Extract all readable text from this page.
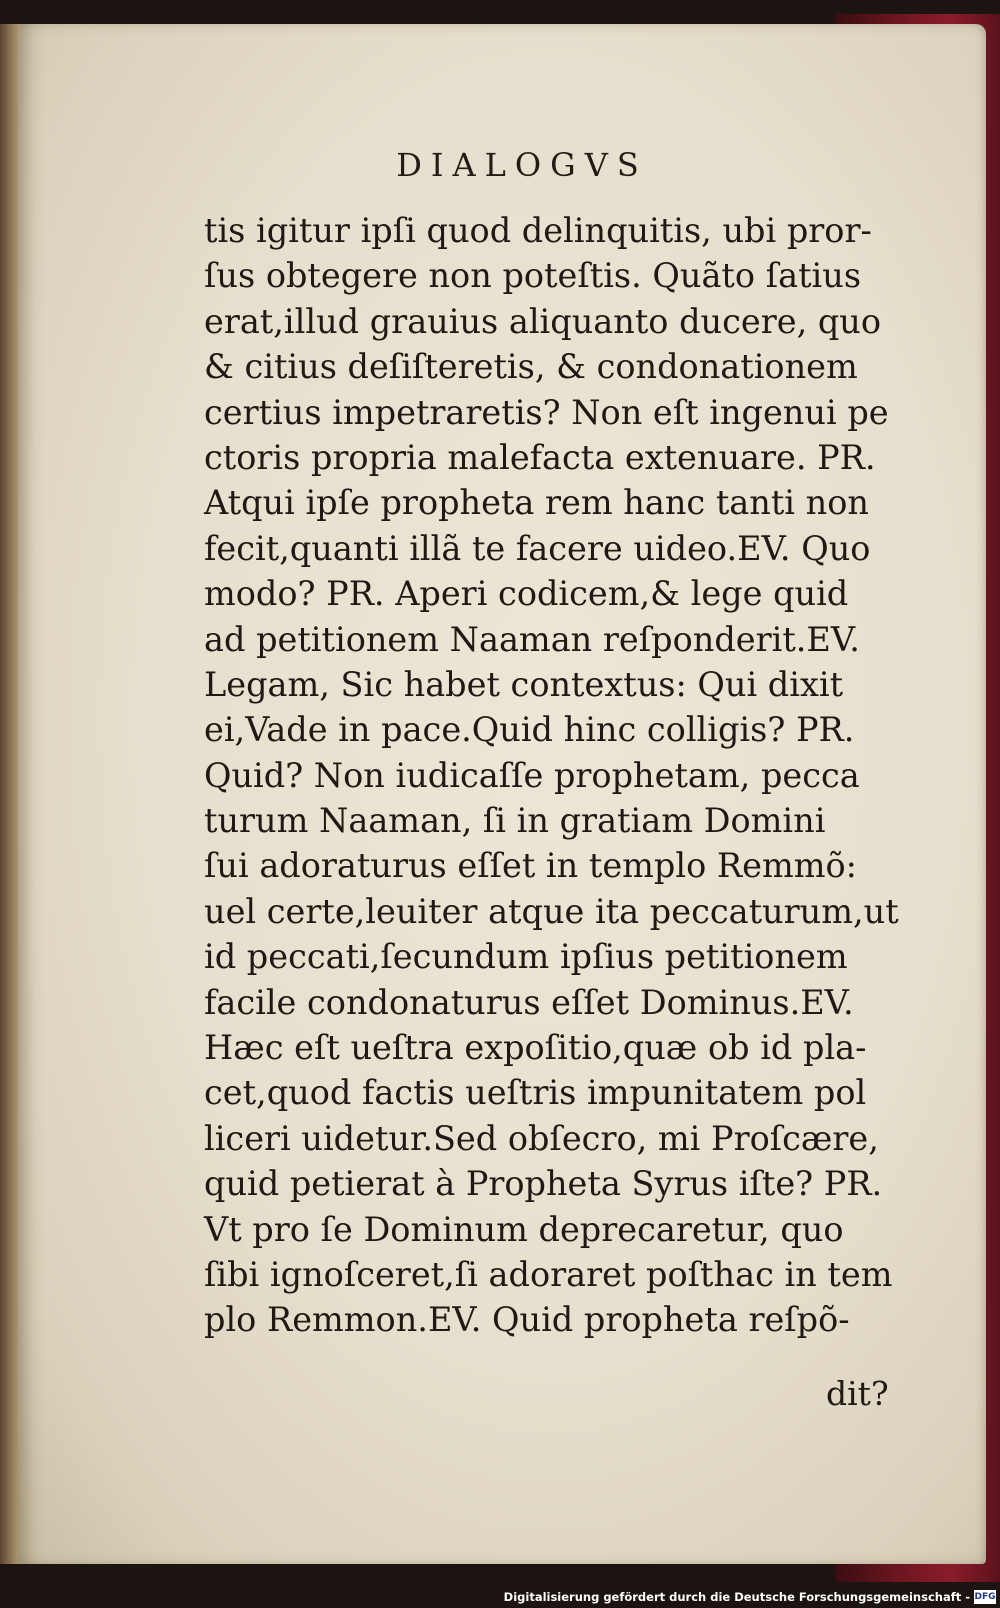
DIALOGVS
tis igitur ipſi quod delinquitis, ubi pror-
ſus obtegere non poteſtis. Quãto ſatius
erat,illud grauius aliquanto ducere, quo
& citius deſiſteretis, & condonationem
certius impetraretis? Non eſt ingenui pe
ctoris propria malefacta extenuare. PR.
Atqui ipſe propheta rem hanc tanti non
fecit,quanti illã te facere uideo.EV. Quo
modo? PR. Aperi codicem,& lege quid
ad petitionem Naaman reſponderit.EV.
Legam, Sic habet contextus: Qui dixit
ei,Vade in pace.Quid hinc colligis? PR.
Quid? Non iudicaſſe prophetam, pecca
turum Naaman, ſi in gratiam Domini
ſui adoraturus eſſet in templo Remmõ:
uel certe,leuiter atque ita peccaturum,ut
id peccati,ſecundum ipſius petitionem
facile condonaturus eſſet Dominus.EV.
Hæc eſt ueſtra expoſitio,quæ ob id pla-
cet,quod factis ueſtris impunitatem pol
liceri uidetur.Sed obſecro, mi Proſcære,
quid petierat à Propheta Syrus iſte? PR.
Vt pro ſe Dominum deprecaretur, quo
ſibi ignoſceret,ſi adoraret poſthac in tem
plo Remmon.EV. Quid propheta reſpõ-
dit?
Digitalisierung gefördert durch die Deutsche Forschungsgemeinschaft - DFG
